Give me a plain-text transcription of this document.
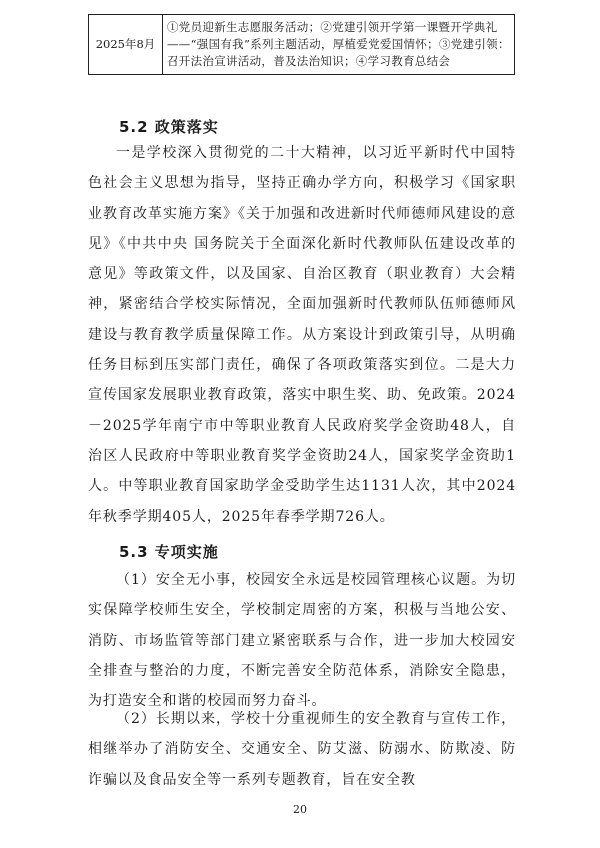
2025年8月	①党员迎新生志愿服务活动；②党建引领开学第一课暨开学典礼——“强国有我”系列主题活动，厚植爱党爱国情怀；③党建引领：召开法治宣讲活动，普及法治知识；④学习教育总结会
5.2 政策落实

一是学校深入贯彻党的二十大精神，以习近平新时代中国特色社会主义思想为指导，坚持正确办学方向，积极学习《国家职业教育改革实施方案》《关于加强和改进新时代师德师风建设的意见》《中共中央 国务院关于全面深化新时代教师队伍建设改革的意见》等政策文件，以及国家、自治区教育（职业教育）大会精神，紧密结合学校实际情况，全面加强新时代教师队伍师德师风建设与教育教学质量保障工作。从方案设计到政策引导，从明确任务目标到压实部门责任，确保了各项政策落实到位。二是大力宣传国家发展职业教育政策，落实中职生奖、助、免政策。2024－2025学年南宁市中等职业教育人民政府奖学金资助48人，自治区人民政府中等职业教育奖学金资助24人，国家奖学金资助1人。中等职业教育国家助学金受助学生达1131人次，其中2024年秋季学期405人，2025年春季学期726人。

5.3 专项实施

（1）安全无小事，校园安全永远是校园管理核心议题。为切实保障学校师生安全，学校制定周密的方案，积极与当地公安、消防、市场监管等部门建立紧密联系与合作，进一步加大校园安全排查与整治的力度，不断完善安全防范体系，消除安全隐患，为打造安全和谐的校园而努力奋斗。

（2）长期以来，学校十分重视师生的安全教育与宣传工作，相继举办了消防安全、交通安全、防艾滋、防溺水、防欺凌、防诈骗以及食品安全等一系列专题教育，旨在安全教

20
